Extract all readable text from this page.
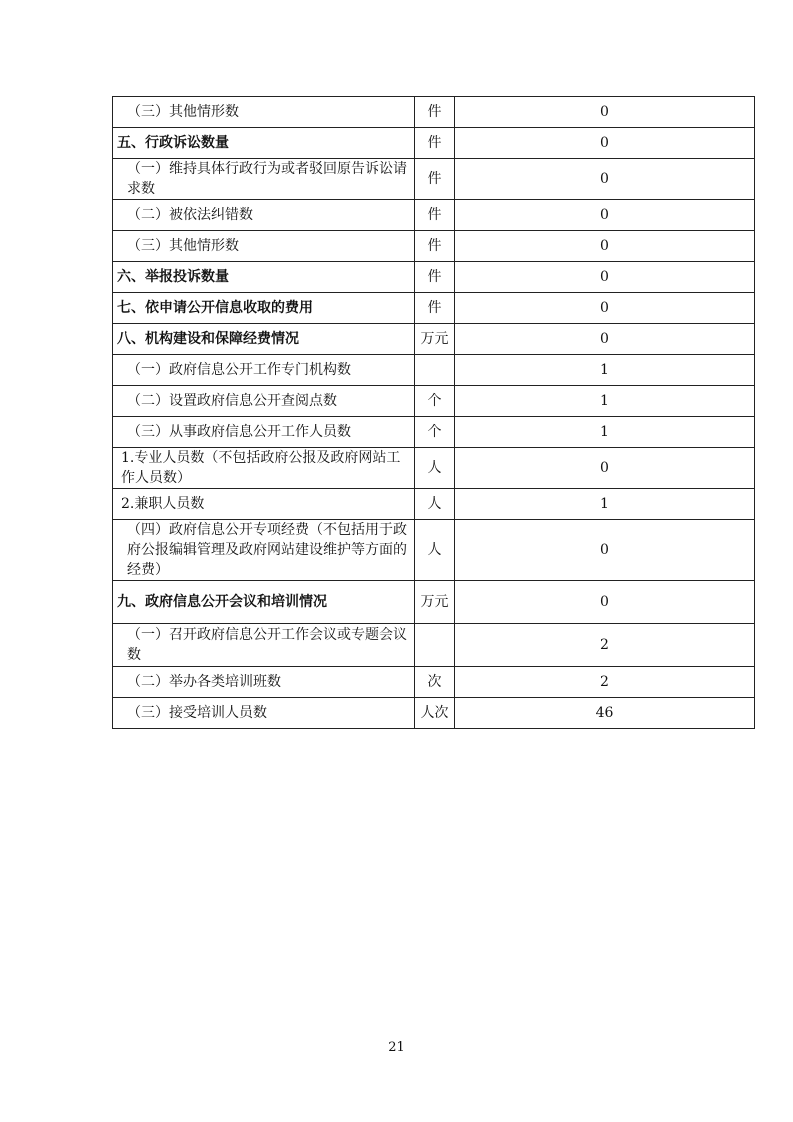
（三）其他情形数	件	0
五、行政诉讼数量	件	0
（一）维持具体行政行为或者驳回原告诉讼请求数	件	0
（二）被依法纠错数	件	0
（三）其他情形数	件	0
六、举报投诉数量	件	0
七、依申请公开信息收取的费用	件	0
八、机构建设和保障经费情况	万元	0
（一）政府信息公开工作专门机构数		1
（二）设置政府信息公开查阅点数	个	1
（三）从事政府信息公开工作人员数	个	1
1.专业人员数（不包括政府公报及政府网站工作人员数）	人	0
2.兼职人员数	人	1
（四）政府信息公开专项经费（不包括用于政府公报编辑管理及政府网站建设维护等方面的经费）	人	0
九、政府信息公开会议和培训情况	万元	0
（一）召开政府信息公开工作会议或专题会议数		2
（二）举办各类培训班数	次	2
（三）接受培训人员数	人次	46
21
